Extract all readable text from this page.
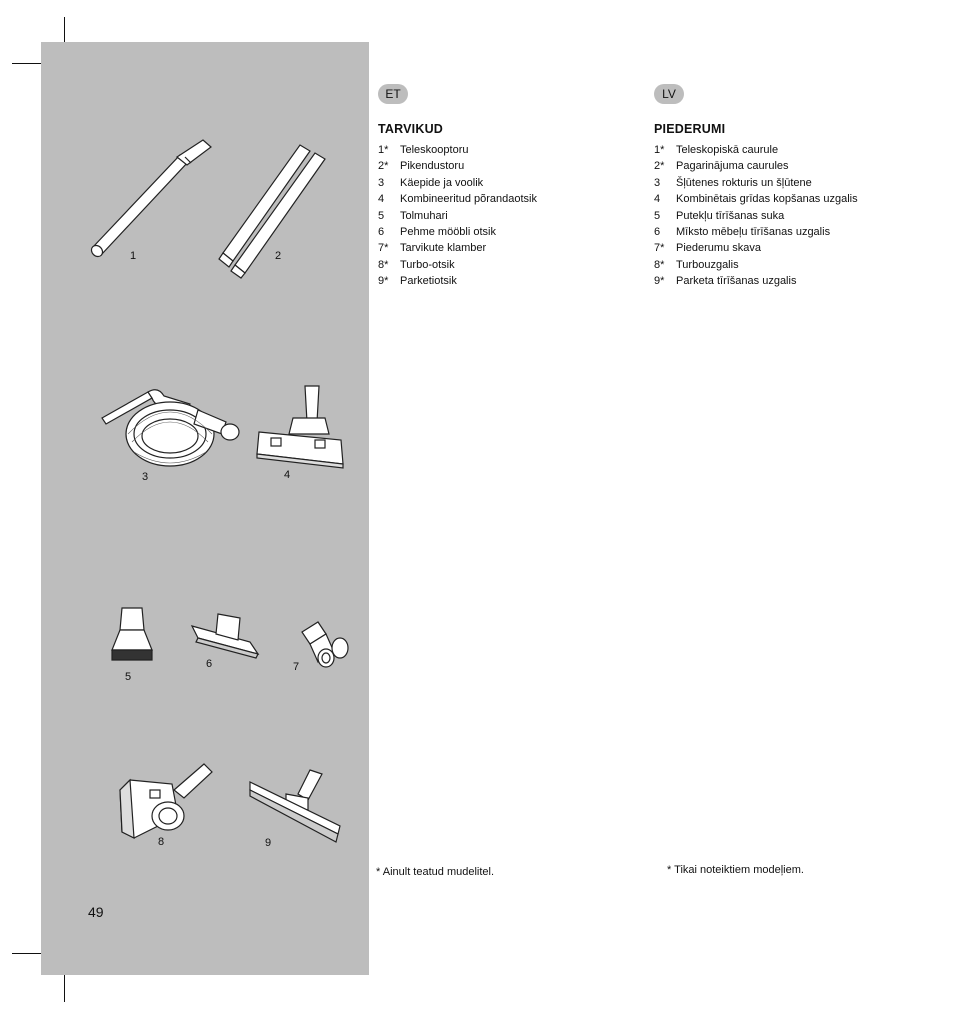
1	2
3	4
5
6	7
8	9
49
ET
TARVIKUD
1* Teleskooptoru
2* Pikendustoru
3 Käepide ja voolik
4 Kombineeritud põrandaotsik
5 Tolmuhari
6 Pehme mööbli otsik
7* Tarvikute klamber
8* Turbo-otsik
9* Parketiotsik
LV
PIEDERUMI
1* Teleskopiskā caurule
2* Pagarinājuma caurules
3 Šļūtenes rokturis un šļūtene
4 Kombinētais grīdas kopšanas uzgalis
5 Putekļu tīrīšanas suka
6 Mīksto mēbeļu tīrīšanas uzgalis
7* Piederumu skava
8* Turbouzgalis
9* Parketa tīrīšanas uzgalis
* Ainult teatud mudelitel.	* Tikai noteiktiem modeļiem.
